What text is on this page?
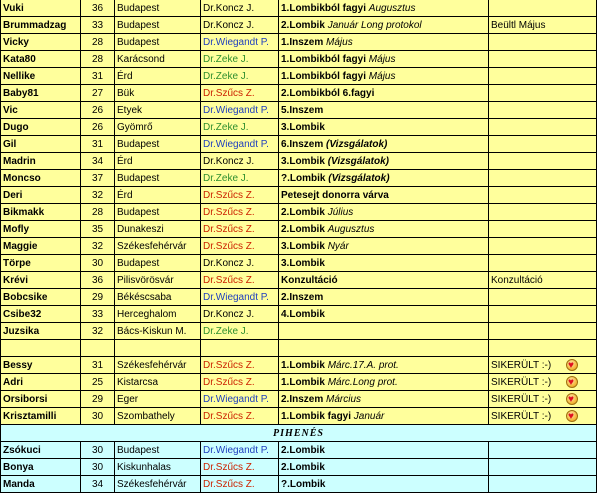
Vuki	36	Budapest	Dr.Koncz J.	1.Lombikból fagyi Augusztus
Brummadzag	33	Budapest	Dr.Koncz J.	2.Lombik Január Long protokol	Beültl Május
Vicky	28	Budapest	Dr.Wiegandt P.	1.Inszem Május
Kata80	28	Karácsond	Dr.Zeke J.	1.Lombikból fagyi Május
Nellike	31	Érd	Dr.Zeke J.	1.Lombikból fagyi Május
Baby81	27	Bük	Dr.Szűcs Z.	2.Lombikból 6.fagyi
Vic	26	Etyek	Dr.Wiegandt P.	5.Inszem
Dugo	26	Gyömrő	Dr.Zeke J.	3.Lombik
Gil	31	Budapest	Dr.Wiegandt P.	6.Inszem (Vizsgálatok)
Madrin	34	Érd	Dr.Koncz J.	3.Lombik (Vizsgálatok)
Moncso	37	Budapest	Dr.Zeke J.	?.Lombik (Vizsgálatok)
Deri	32	Érd	Dr.Szűcs Z.	Petesejt donorra várva
Bikmakk	28	Budapest	Dr.Szűcs Z.	2.Lombik Július
Mofly	35	Dunakeszi	Dr.Szűcs Z.	2.Lombik Augusztus
Maggie	32	Székesfehérvár	Dr.Szűcs Z.	3.Lombik Nyár
Törpe	30	Budapest	Dr.Koncz J.	3.Lombik
Krévi	36	Pilisvörösvár	Dr.Szűcs Z.	Konzultáció	Konzultáció
Bobcsike	29	Békéscsaba	Dr.Wiegandt P.	2.Inszem
Csibe32	33	Herceghalom	Dr.Koncz J.	4.Lombik
Juzsika	32	Bács-Kiskun M.	Dr.Zeke J.
Bessy	31	Székesfehérvár	Dr.Szűcs Z.	1.Lombik Márc.17.A. prot.	SIKERÜLT :-)
♥
Adri	25	Kistarcsa	Dr.Szűcs Z.	1.Lombik Márc.Long prot.	SIKERÜLT :-)
♥
Orsiborsi	29	Eger	Dr.Wiegandt P.	2.Inszem Március	SIKERÜLT :-)
♥
Krisztamilli	30	Szombathely	Dr.Szűcs Z.	1.Lombik fagyi Január	SIKERÜLT :-)
♥
PIHENÉS
Zsókuci	30	Budapest	Dr.Wiegandt P.	2.Lombik
Bonya	30	Kiskunhalas	Dr.Szűcs Z.	2.Lombik
Manda	34	Székesfehérvár	Dr.Szűcs Z.	?.Lombik
